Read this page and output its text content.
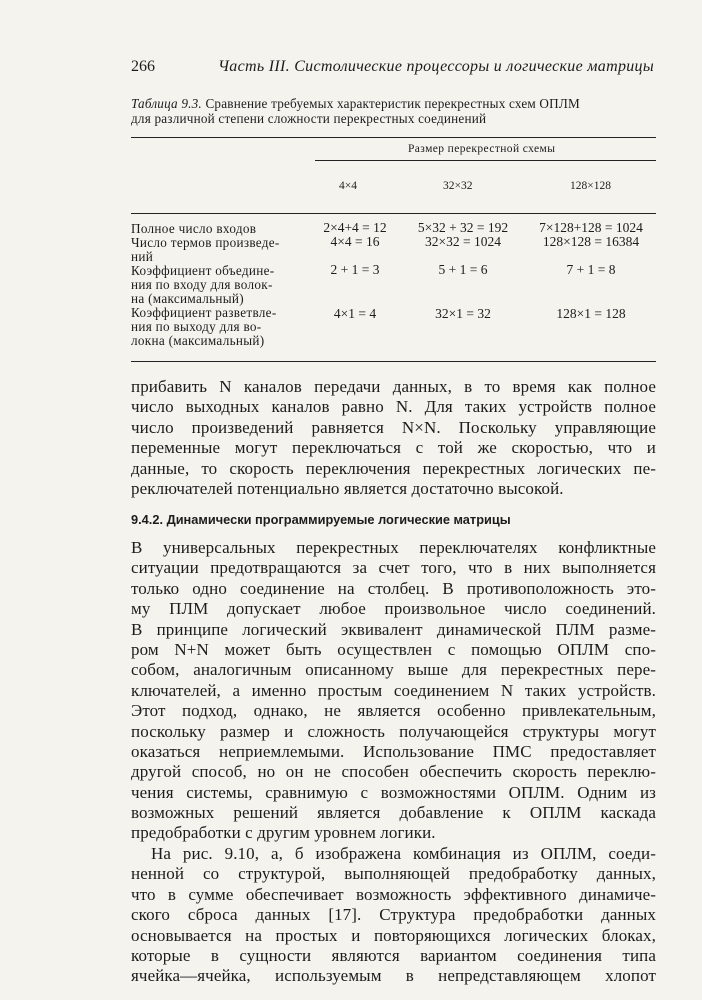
266	Часть III. Систолические процессоры и логические матрицы
Таблица 9.3. Сравнение требуемых характеристик перекрестных схем ОПЛМ
для различной степени сложности перекрестных соединений
Размер перекрестной схемы
4×4	32×32	128×128
Полное число входов	2×4+4 = 12	5×32 + 32 = 192	7×128+128 = 1024
Число термов произведе-
ний
4×4 = 16	32×32 = 1024	128×128 = 16384
Коэффициент объедине-
ния по входу для волок-
на (максимальный)
2 + 1 = 3	5 + 1 = 6	7 + 1 = 8
Коэффициент разветвле-
ния по выходу для во-
локна (максимальный)
4×1 = 4	32×1 = 32	128×1 = 128
прибавить N каналов передачи данных, в то время как полное
число выходных каналов равно N. Для таких устройств полное
число произведений равняется N×N. Поскольку управляющие
переменные могут переключаться с той же скоростью, что и
данные, то скорость переключения перекрестных логических пе-
реключателей потенциально является достаточно высокой.
9.4.2. Динамически программируемые логические матрицы
В универсальных перекрестных переключателях конфликтные
ситуации предотвращаются за счет того, что в них выполняется
только одно соединение на столбец. В противоположность это-
му ПЛМ допускает любое произвольное число соединений.
В принципе логический эквивалент динамической ПЛМ разме-
ром N+N может быть осуществлен с помощью ОПЛМ спо-
собом, аналогичным описанному выше для перекрестных пере-
ключателей, а именно простым соединением N таких устройств.
Этот подход, однако, не является особенно привлекательным,
поскольку размер и сложность получающейся структуры могут
оказаться неприемлемыми. Использование ПМС предоставляет
другой способ, но он не способен обеспечить скорость переклю-
чения системы, сравнимую с возможностями ОПЛМ. Одним из
возможных решений является добавление к ОПЛМ каскада
предобработки с другим уровнем логики.
На рис. 9.10, а, б изображена комбинация из ОПЛМ, соеди-
ненной со структурой, выполняющей предобработку данных,
что в сумме обеспечивает возможность эффективного динамиче-
ского сброса данных [17]. Структура предобработки данных
основывается на простых и повторяющихся логических блоках,
которые в сущности являются вариантом соединения типа
ячейка—ячейка, используемым в непредставляющем хлопот
